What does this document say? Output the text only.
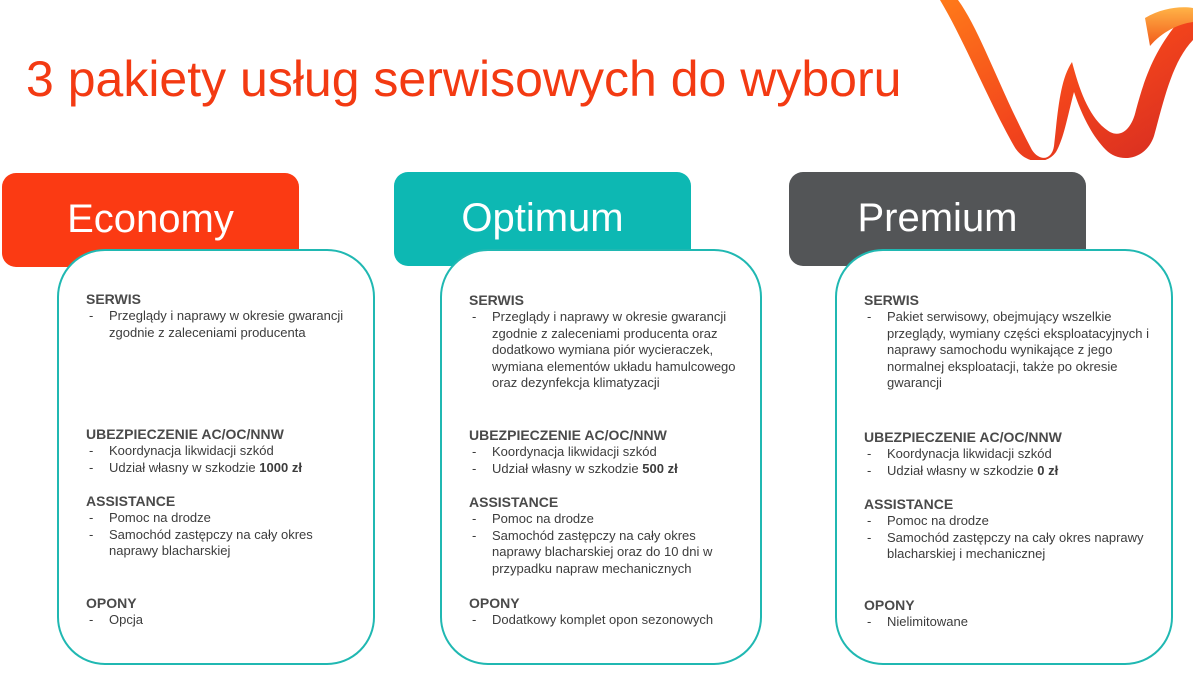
3 pakiety usług serwisowych do wyboru
Economy
SERWIS
- Przeglądy i naprawy w okresie gwarancji zgodnie z zaleceniami producenta
UBEZPIECZENIE AC/OC/NNW
- Koordynacja likwidacji szkód
- Udział własny w szkodzie 1000 zł
ASSISTANCE
- Pomoc na drodze
- Samochód zastępczy na cały okres naprawy blacharskiej
OPONY
- Opcja
Optimum
SERWIS
- Przeglądy i naprawy w okresie gwarancji zgodnie z zaleceniami producenta oraz dodatkowo wymiana piór wycieraczek, wymiana elementów układu hamulcowego oraz dezynfekcja klimatyzacji
UBEZPIECZENIE AC/OC/NNW
- Koordynacja likwidacji szkód
- Udział własny w szkodzie 500 zł
ASSISTANCE
- Pomoc na drodze
- Samochód zastępczy na cały okres naprawy blacharskiej oraz do 10 dni w przypadku napraw mechanicznych
OPONY
- Dodatkowy komplet opon sezonowych
Premium
SERWIS
- Pakiet serwisowy, obejmujący wszelkie przeglądy, wymiany części eksploatacyjnych i naprawy samochodu wynikające z jego normalnej eksploatacji, także po okresie gwarancji
UBEZPIECZENIE AC/OC/NNW
- Koordynacja likwidacji szkód
- Udział własny w szkodzie 0 zł
ASSISTANCE
- Pomoc na drodze
- Samochód zastępczy na cały okres naprawy blacharskiej i mechanicznej
OPONY
- Nielimitowane
